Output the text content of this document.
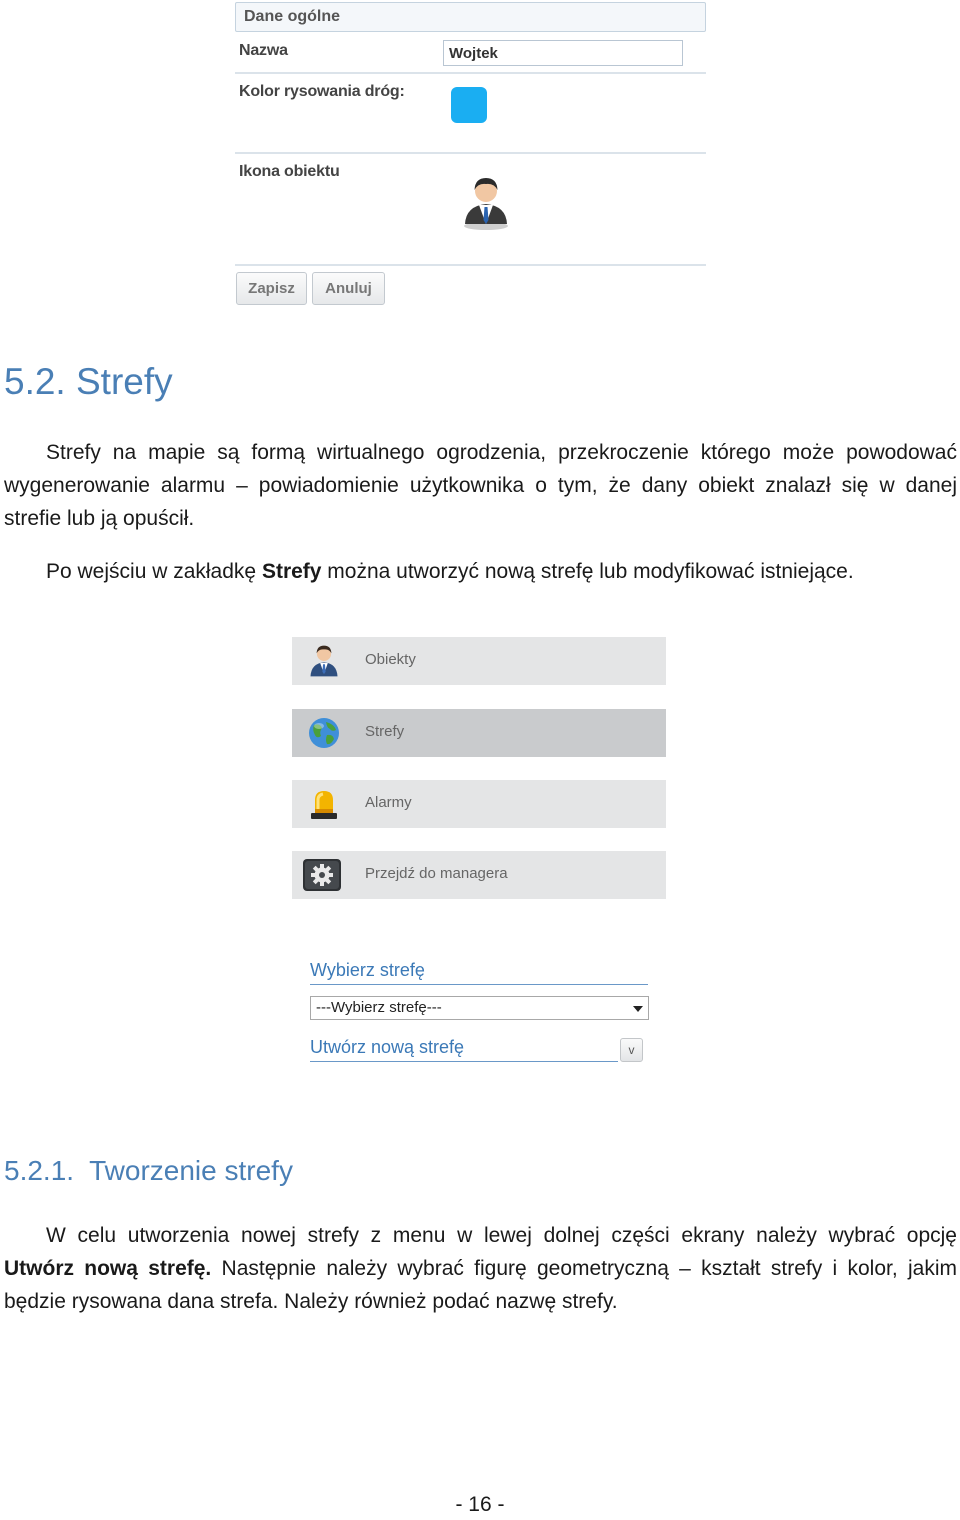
Dane ogólne
Nazwa	Wojtek
Kolor rysowania dróg:
Ikona obiektu
Zapisz	Anuluj
5.2. Strefy
Strefy na mapie są formą wirtualnego ogrodzenia, przekroczenie którego może powodować
wygenerowanie alarmu – powiadomienie użytkownika o tym, że dany obiekt znalazł się w danej
strefie lub ją opuścił.
Po wejściu w zakładkę Strefy można utworzyć nową strefę lub modyfikować istniejące.
Obiekty
Strefy
Alarmy
Przejdź do managera
Wybierz strefę
---Wybierz strefę---
Utwórz nową strefę	v
5.2.1.  Tworzenie strefy
W celu utworzenia nowej strefy z menu w lewej dolnej części ekrany należy wybrać opcję
Utwórz nową strefę. Następnie należy wybrać figurę geometryczną – kształt strefy i kolor, jakim
będzie rysowana dana strefa. Należy również podać nazwę strefy.
- 16 -
